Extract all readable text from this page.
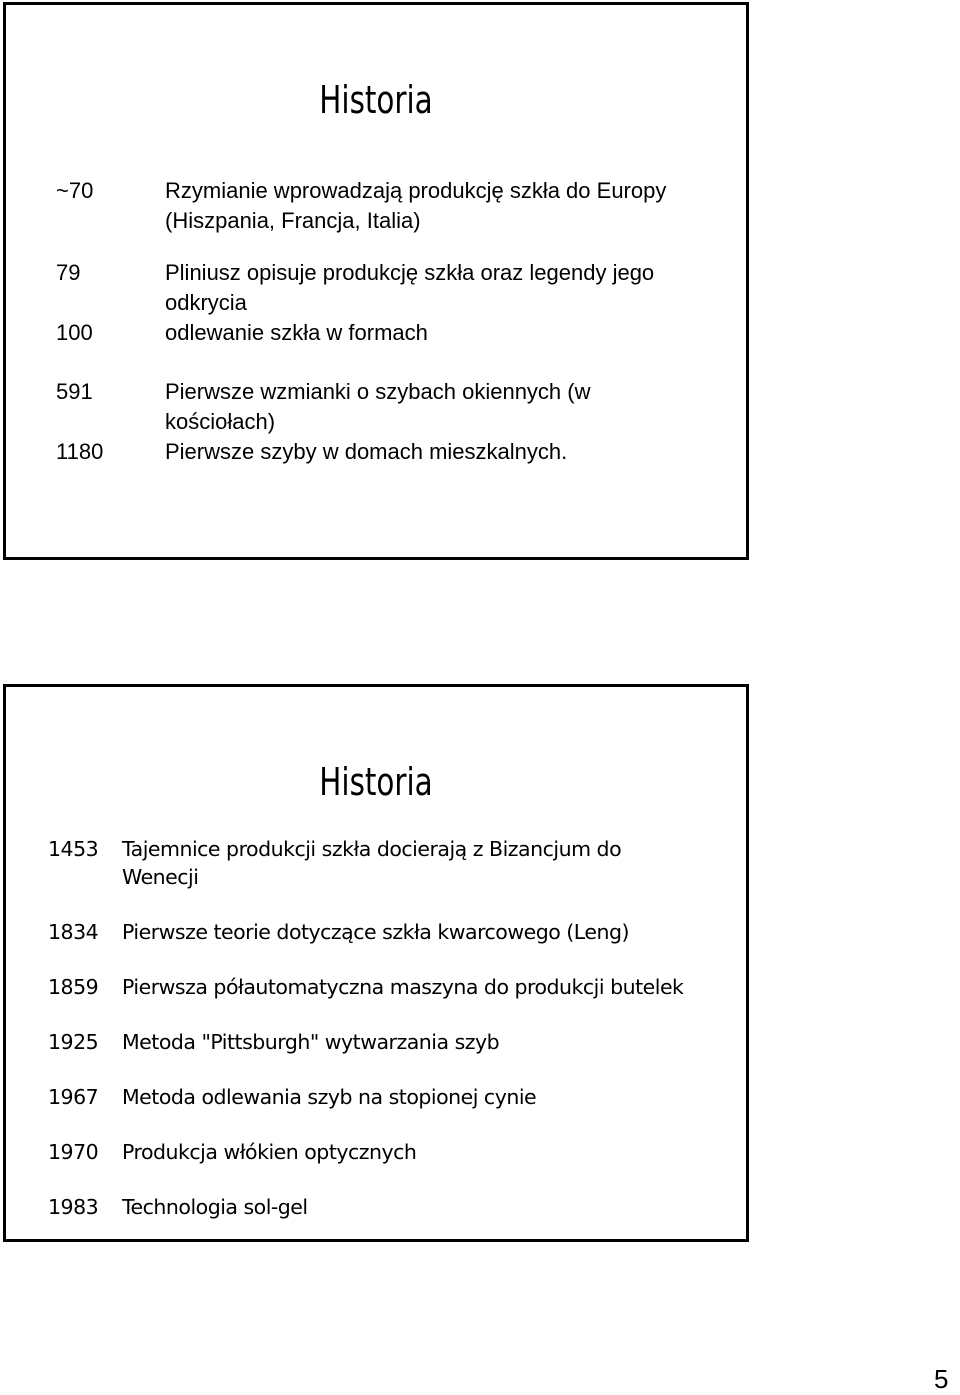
Historia
~70	Rzymianie wprowadzają produkcję szkła do Europy (Hiszpania, Francja, Italia)
79	Pliniusz opisuje produkcję szkła oraz legendy jego odkrycia
100	odlewanie szkła w formach
591	Pierwsze wzmianki o szybach okiennych (w kościołach)
1180	Pierwsze szyby w domach mieszkalnych.
Historia
1453	Tajemnice produkcji szkła docierają z Bizancjum do Wenecji
1834	Pierwsze teorie dotyczące szkła kwarcowego (Leng)
1859	Pierwsza półautomatyczna maszyna do produkcji butelek
1925	Metoda "Pittsburgh" wytwarzania szyb
1967	Metoda odlewania szyb na stopionej cynie
1970	Produkcja włókien optycznych
1983	Technologia sol-gel
5
